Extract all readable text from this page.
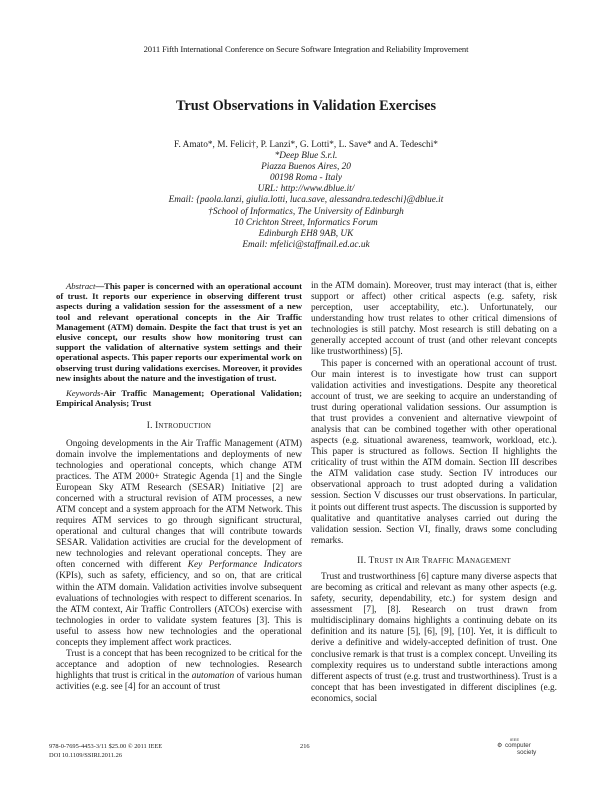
2011 Fifth International Conference on Secure Software Integration and Reliability Improvement
Trust Observations in Validation Exercises
F. Amato*, M. Felici†, P. Lanzi*, G. Lotti*, L. Save* and A. Tedeschi*
*Deep Blue S.r.l.
Piazza Buenos Aires, 20
00198 Roma - Italy
URL: http://www.dblue.it/
Email: {paola.lanzi, giulia.lotti, luca.save, alessandra.tedeschi}@dblue.it
†School of Informatics, The University of Edinburgh
10 Crichton Street, Informatics Forum
Edinburgh EH8 9AB, UK
Email: mfelici@staffmail.ed.ac.uk

Abstract—This paper is concerned with an operational account of trust. It reports our experience in observing different trust aspects during a validation session for the assessment of a new tool and relevant operational concepts in the Air Traffic Management (ATM) domain. Despite the fact that trust is yet an elusive concept, our results show how monitoring trust can support the validation of alternative system settings and their operational aspects. This paper reports our experimental work on observing trust during validations exercises. Moreover, it provides new insights about the nature and the investigation of trust.

Keywords-Air Traffic Management; Operational Validation; Empirical Analysis; Trust

I. Introduction

Ongoing developments in the Air Traffic Management (ATM) domain involve the implementations and deployments of new technologies and operational concepts, which change ATM practices. The ATM 2000+ Strategic Agenda [1] and the Single European Sky ATM Research (SESAR) Initiative [2] are concerned with a structural revision of ATM processes, a new ATM concept and a system approach for the ATM Network. This requires ATM services to go through significant structural, operational and cultural changes that will contribute towards SESAR. Validation activities are crucial for the development of new technologies and relevant operational concepts. They are often concerned with different Key Performance Indicators (KPIs), such as safety, efficiency, and so on, that are critical within the ATM domain. Validation activities involve subsequent evaluations of technologies with respect to different scenarios. In the ATM context, Air Traffic Controllers (ATCOs) exercise with technologies in order to validate system features [3]. This is useful to assess how new technologies and the operational concepts they implement affect work practices.

Trust is a concept that has been recognized to be critical for the acceptance and adoption of new technologies. Research highlights that trust is critical in the automation of various human activities (e.g. see [4] for an account of trust

in the ATM domain). Moreover, trust may interact (that is, either support or affect) other critical aspects (e.g. safety, risk perception, user acceptability, etc.). Unfortunately, our understanding how trust relates to other critical dimensions of technologies is still patchy. Most research is still debating on a generally accepted account of trust (and other relevant concepts like trustworthiness) [5].

This paper is concerned with an operational account of trust. Our main interest is to investigate how trust can support validation activities and investigations. Despite any theoretical account of trust, we are seeking to acquire an understanding of trust during operational validation sessions. Our assumption is that trust provides a convenient and alternative viewpoint of analysis that can be combined together with other operational aspects (e.g. situational awareness, teamwork, workload, etc.). This paper is structured as follows. Section II highlights the criticality of trust within the ATM domain. Section III describes the ATM validation case study. Section IV introduces our observational approach to trust adopted during a validation session. Section V discusses our trust observations. In particular, it points out different trust aspects. The discussion is supported by qualitative and quantitative analyses carried out during the validation session. Section VI, finally, draws some concluding remarks.

II. Trust in Air Traffic Management

Trust and trustworthiness [6] capture many diverse aspects that are becoming as critical and relevant as many other aspects (e.g. safety, security, dependability, etc.) for system design and assessment [7], [8]. Research on trust drawn from multidisciplinary domains highlights a continuing debate on its definition and its nature [5], [6], [9], [10]. Yet, it is difficult to derive a definitive and widely-accepted definition of trust. One conclusive remark is that trust is a complex concept. Unveiling its complexity requires us to understand subtle interactions among different aspects of trust (e.g. trust and trustworthiness). Trust is a concept that has been investigated in different disciplines (e.g. economics, social

978-0-7695-4453-3/11 $25.00 © 2011 IEEE
DOI 10.1109/SSIRI.2011.26
216	⚙
IEEE
computer
society
